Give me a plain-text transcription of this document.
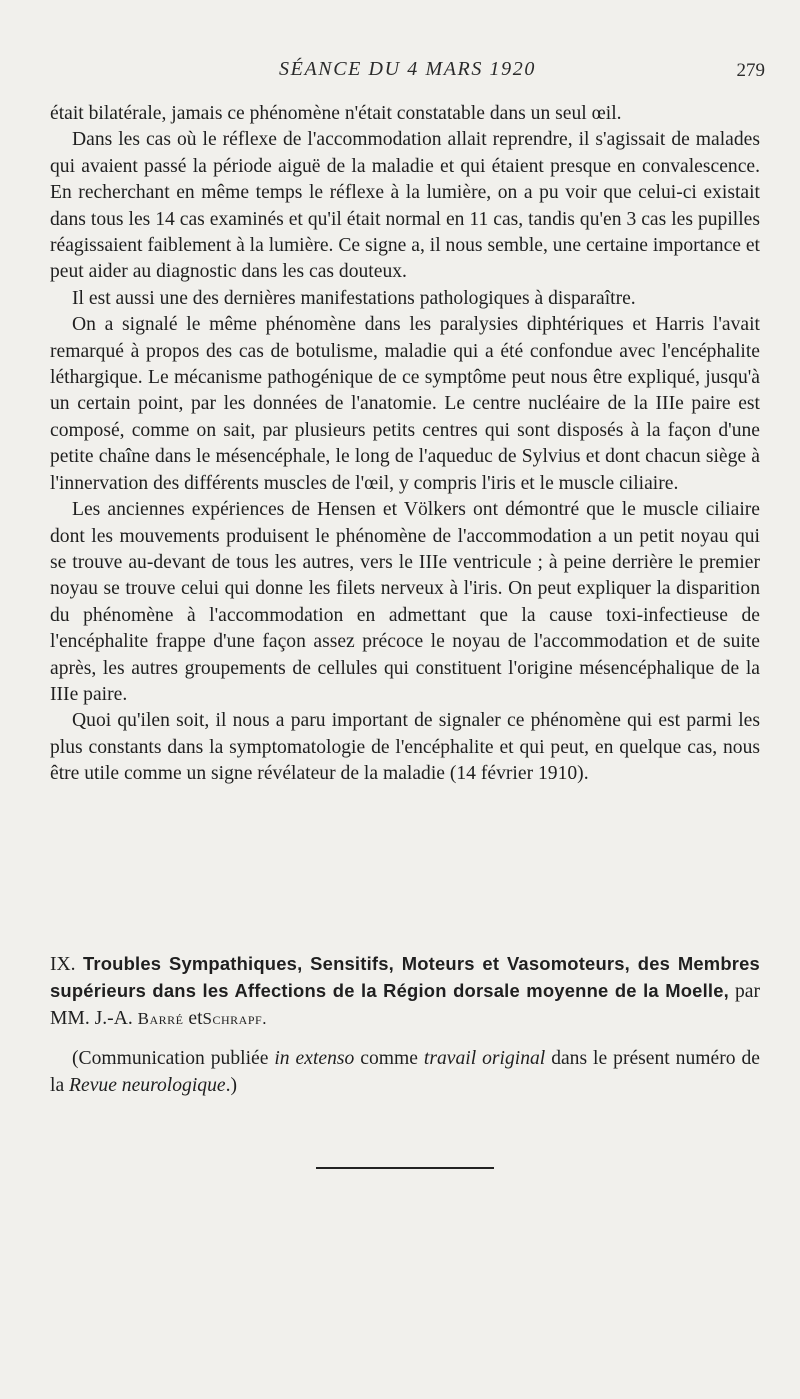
SÉANCE DU 4 MARS 1920	279

était bilatérale, jamais ce phénomène n'était constatable dans un seul œil.

Dans les cas où le réflexe de l'accommodation allait reprendre, il s'agissait de malades qui avaient passé la période aiguë de la maladie et qui étaient presque en convalescence. En recherchant en même temps le réflexe à la lumière, on a pu voir que celui-ci existait dans tous les 14 cas examinés et qu'il était normal en 11 cas, tandis qu'en 3 cas les pupilles réagissaient faiblement à la lumière. Ce signe a, il nous semble, une certaine importance et peut aider au diagnostic dans les cas douteux.

Il est aussi une des dernières manifestations pathologiques à disparaître.

On a signalé le même phénomène dans les paralysies diphtériques et Harris l'avait remarqué à propos des cas de botulisme, maladie qui a été confondue avec l'encéphalite léthargique. Le mécanisme pathogénique de ce symptôme peut nous être expliqué, jusqu'à un certain point, par les données de l'anatomie. Le centre nucléaire de la IIIe paire est composé, comme on sait, par plusieurs petits centres qui sont disposés à la façon d'une petite chaîne dans le mésencéphale, le long de l'aqueduc de Sylvius et dont chacun siège à l'innervation des différents muscles de l'œil, y compris l'iris et le muscle ciliaire.

Les anciennes expériences de Hensen et Völkers ont démontré que le muscle ciliaire dont les mouvements produisent le phénomène de l'accommodation a un petit noyau qui se trouve au-devant de tous les autres, vers le IIIe ventricule ; à peine derrière le premier noyau se trouve celui qui donne les filets nerveux à l'iris. On peut expliquer la disparition du phénomène à l'accommodation en admettant que la cause toxi-infectieuse de l'encéphalite frappe d'une façon assez précoce le noyau de l'accommodation et de suite après, les autres groupements de cellules qui constituent l'origine mésencéphalique de la IIIe paire.

Quoi qu'ilen soit, il nous a paru important de signaler ce phénomène qui est parmi les plus constants dans la symptomatologie de l'encéphalite et qui peut, en quelque cas, nous être utile comme un signe révélateur de la maladie (14 février 1910).

IX. Troubles Sympathiques, Sensitifs, Moteurs et Vasomoteurs, des Membres supérieurs dans les Affections de la Région dorsale moyenne de la Moelle, par MM. J.-A. Barré etSchrapf.

(Communication publiée in extenso comme travail original dans le présent numéro de la Revue neurologique.)
